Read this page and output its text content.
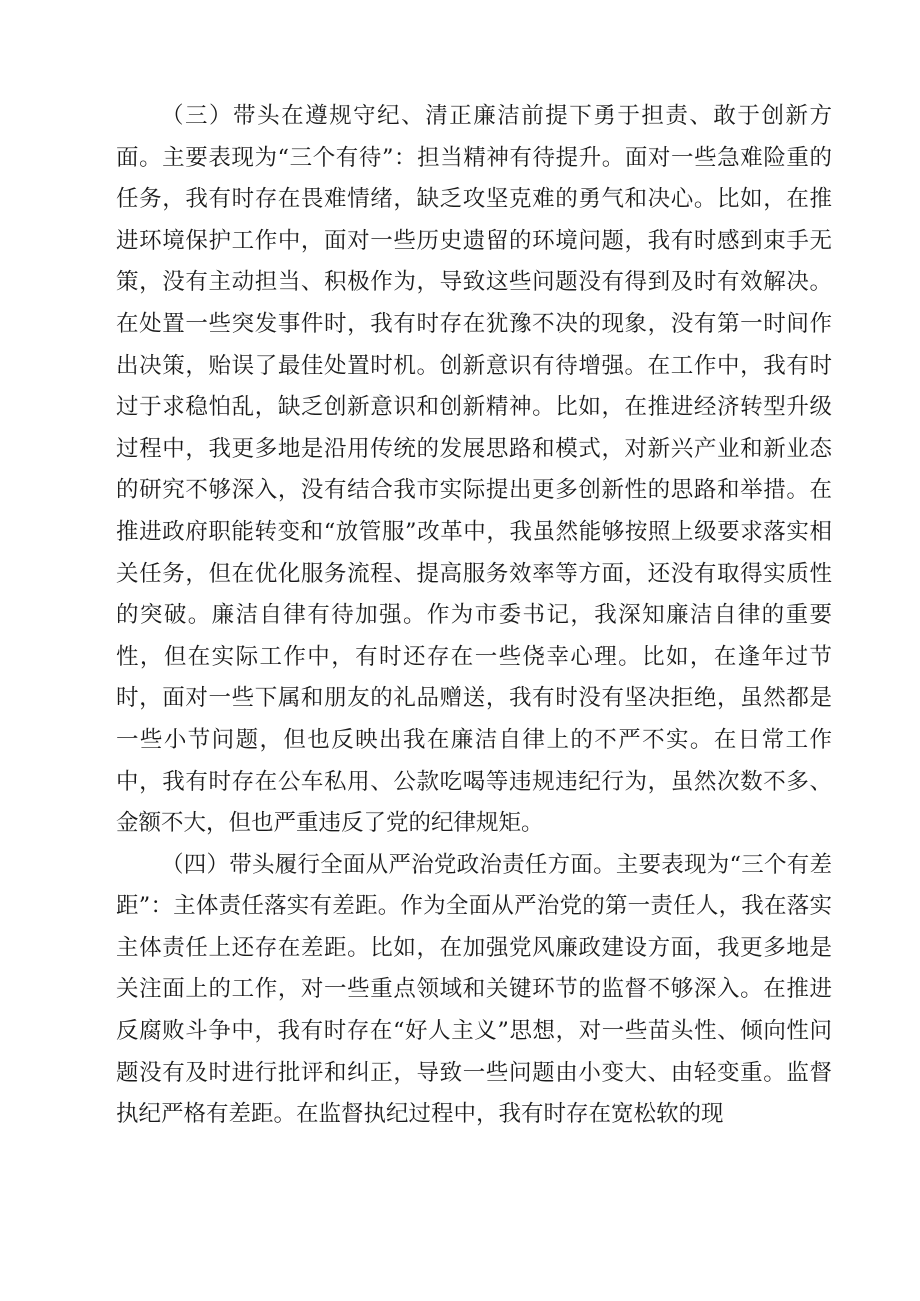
（三）带头在遵规守纪、清正廉洁前提下勇于担责、敢于创新方面。主要表现为“三个有待”：担当精神有待提升。面对一些急难险重的任务，我有时存在畏难情绪，缺乏攻坚克难的勇气和决心。比如，在推进环境保护工作中，面对一些历史遗留的环境问题，我有时感到束手无策，没有主动担当、积极作为，导致这些问题没有得到及时有效解决。在处置一些突发事件时，我有时存在犹豫不决的现象，没有第一时间作出决策，贻误了最佳处置时机。创新意识有待增强。在工作中，我有时过于求稳怕乱，缺乏创新意识和创新精神。比如，在推进经济转型升级过程中，我更多地是沿用传统的发展思路和模式，对新兴产业和新业态的研究不够深入，没有结合我市实际提出更多创新性的思路和举措。在推进政府职能转变和“放管服”改革中，我虽然能够按照上级要求落实相关任务，但在优化服务流程、提高服务效率等方面，还没有取得实质性的突破。廉洁自律有待加强。作为市委书记，我深知廉洁自律的重要性，但在实际工作中，有时还存在一些侥幸心理。比如，在逢年过节时，面对一些下属和朋友的礼品赠送，我有时没有坚决拒绝，虽然都是一些小节问题，但也反映出我在廉洁自律上的不严不实。在日常工作中，我有时存在公车私用、公款吃喝等违规违纪行为，虽然次数不多、金额不大，但也严重违反了党的纪律规矩。

（四）带头履行全面从严治党政治责任方面。主要表现为“三个有差距”：主体责任落实有差距。作为全面从严治党的第一责任人，我在落实主体责任上还存在差距。比如，在加强党风廉政建设方面，我更多地是关注面上的工作，对一些重点领域和关键环节的监督不够深入。在推进反腐败斗争中，我有时存在“好人主义”思想，对一些苗头性、倾向性问题没有及时进行批评和纠正，导致一些问题由小变大、由轻变重。监督执纪严格有差距。在监督执纪过程中，我有时存在宽松软的现
